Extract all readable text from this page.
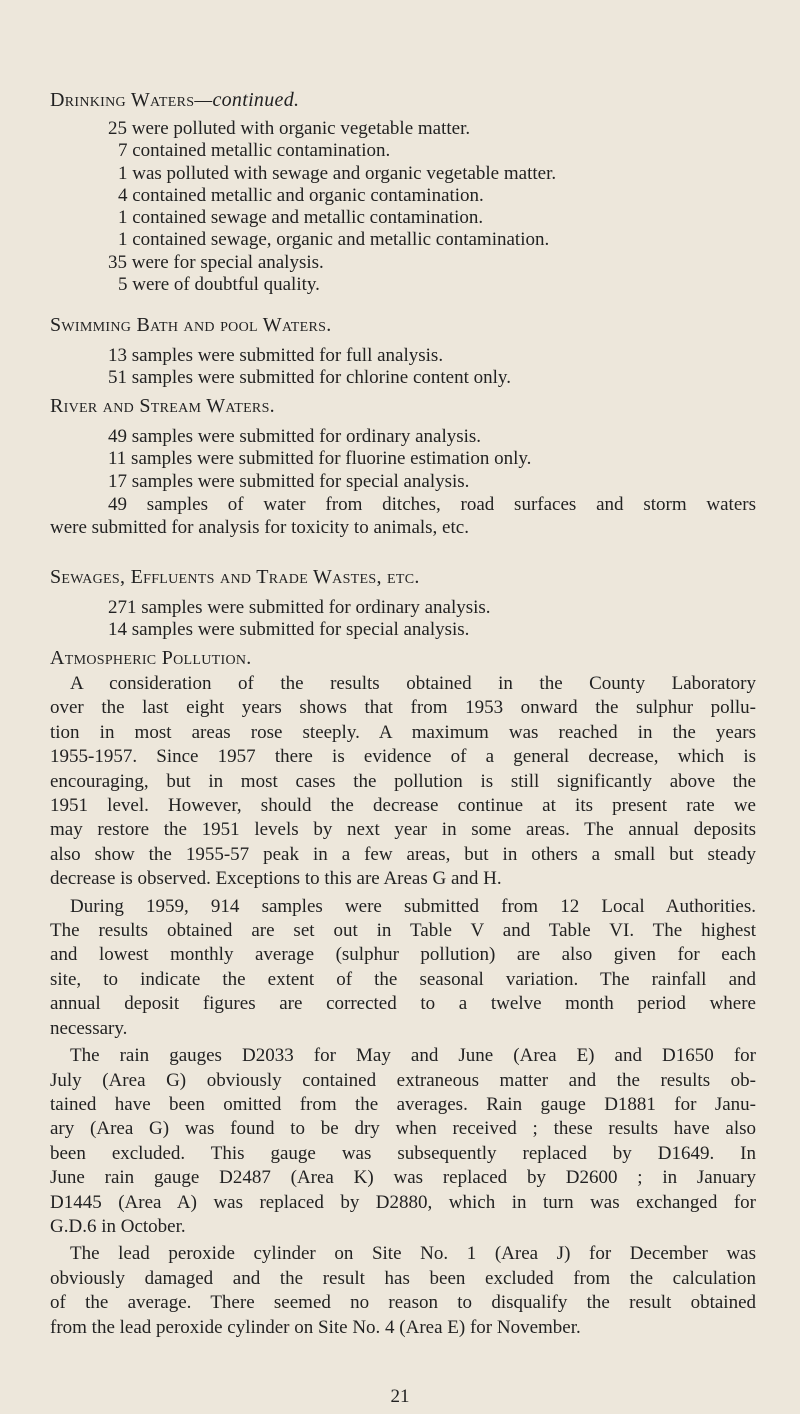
Drinking Waters—continued.
25 were polluted with organic vegetable matter.
7 contained metallic contamination.
1 was polluted with sewage and organic vegetable matter.
4 contained metallic and organic contamination.
1 contained sewage and metallic contamination.
1 contained sewage, organic and metallic contamination.
35 were for special analysis.
5 were of doubtful quality.
Swimming Bath and pool Waters.
13 samples were submitted for full analysis.
51 samples were submitted for chlorine content only.
River and Stream Waters.
49 samples were submitted for ordinary analysis.
11 samples were submitted for fluorine estimation only.
17 samples were submitted for special analysis.
49 samples of water from ditches, road surfaces and storm waters
were submitted for analysis for toxicity to animals, etc.
Sewages, Effluents and Trade Wastes, etc.
271 samples were submitted for ordinary analysis.
14 samples were submitted for special analysis.
Atmospheric Pollution.
A consideration of the results obtained in the County Laboratory
over the last eight years shows that from 1953 onward the sulphur pollu-
tion in most areas rose steeply. A maximum was reached in the years
1955-1957. Since 1957 there is evidence of a general decrease, which is
encouraging, but in most cases the pollution is still significantly above the
1951 level. However, should the decrease continue at its present rate we
may restore the 1951 levels by next year in some areas. The annual deposits
also show the 1955-57 peak in a few areas, but in others a small but steady
decrease is observed. Exceptions to this are Areas G and H.
During 1959, 914 samples were submitted from 12 Local Authorities.
The results obtained are set out in Table V and Table VI. The highest
and lowest monthly average (sulphur pollution) are also given for each
site, to indicate the extent of the seasonal variation. The rainfall and
annual deposit figures are corrected to a twelve month period where
necessary.
The rain gauges D2033 for May and June (Area E) and D1650 for
July (Area G) obviously contained extraneous matter and the results ob-
tained have been omitted from the averages. Rain gauge D1881 for Janu-
ary (Area G) was found to be dry when received ; these results have also
been excluded. This gauge was subsequently replaced by D1649. In
June rain gauge D2487 (Area K) was replaced by D2600 ; in January
D1445 (Area A) was replaced by D2880, which in turn was exchanged for
G.D.6 in October.
The lead peroxide cylinder on Site No. 1 (Area J) for December was
obviously damaged and the result has been excluded from the calculation
of the average. There seemed no reason to disqualify the result obtained
from the lead peroxide cylinder on Site No. 4 (Area E) for November.
21
